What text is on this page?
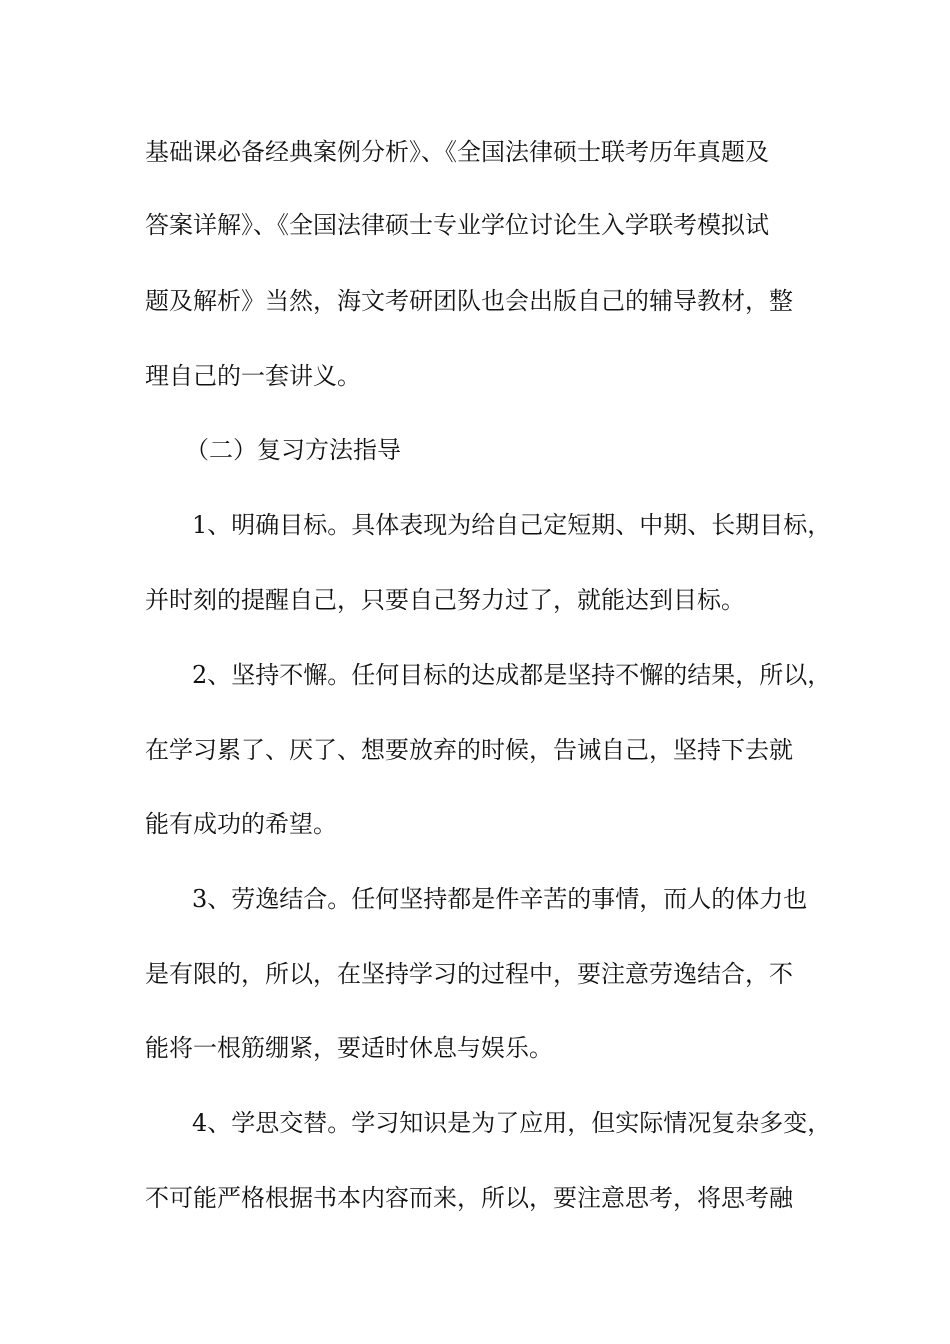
基础课必备经典案例分析》、《全国法律硕士联考历年真题及
答案详解》、《全国法律硕士专业学位讨论生入学联考模拟试
题及解析》当然，海文考研团队也会出版自己的辅导教材，整
理自己的一套讲义。
（二）复习方法指导
1、明确目标。具体表现为给自己定短期、中期、长期目标，
并时刻的提醒自己，只要自己努力过了，就能达到目标。
2、坚持不懈。任何目标的达成都是坚持不懈的结果，所以，
在学习累了、厌了、想要放弃的时候，告诫自己，坚持下去就
能有成功的希望。
3、劳逸结合。任何坚持都是件辛苦的事情，而人的体力也
是有限的，所以，在坚持学习的过程中，要注意劳逸结合，不
能将一根筋绷紧，要适时休息与娱乐。
4、学思交替。学习知识是为了应用，但实际情况复杂多变，
不可能严格根据书本内容而来，所以，要注意思考，将思考融
